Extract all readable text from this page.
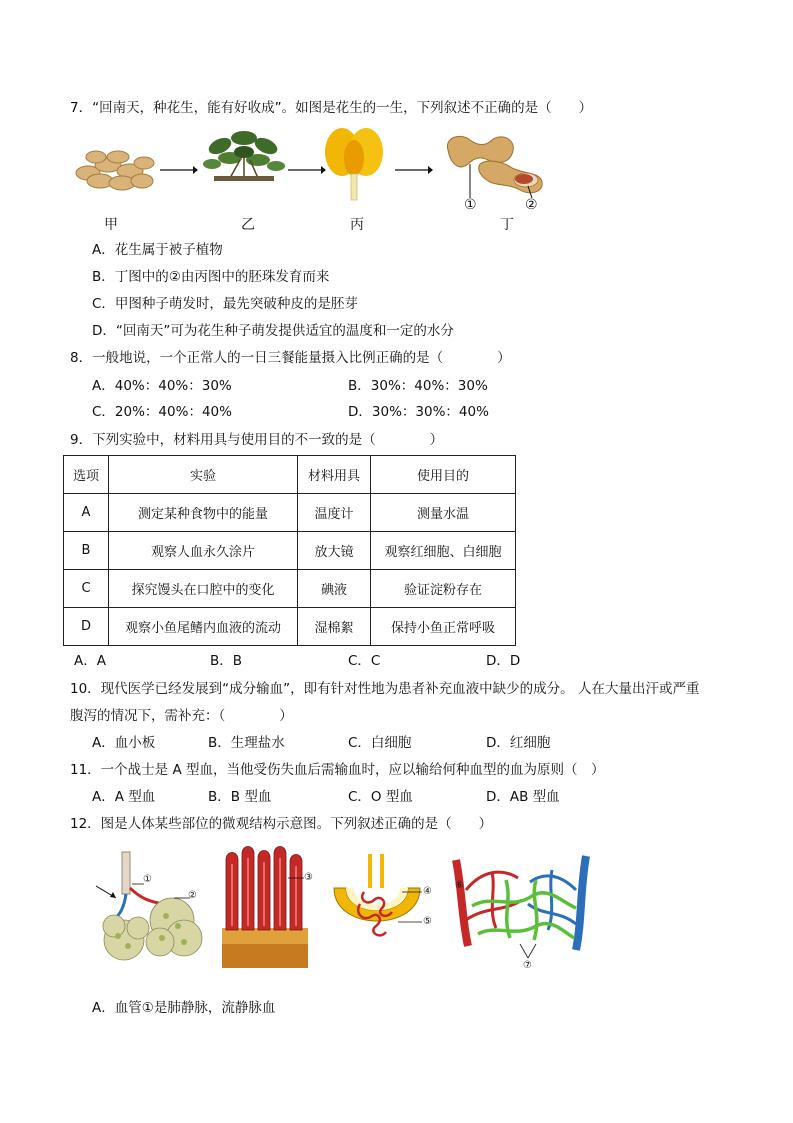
7．“回南天，种花生，能有好收成”。如图是花生的一生，下列叙述不正确的是（　　）
①	②
甲	乙	丙	丁
A．花生属于被子植物
B．丁图中的②由丙图中的胚珠发育而来
C．甲图种子萌发时，最先突破种皮的是胚芽
D．“回南天”可为花生种子萌发提供适宜的温度和一定的水分
8．一般地说，一个正常人的一日三餐能量摄入比例正确的是（　　　　）
A．40%：40%：30%	B．30%：40%：30%
C．20%：40%：40%	D．30%：30%：40%
9．下列实验中，材料用具与使用目的不一致的是（　　　　）
选项	实验	材料用具	使用目的
A	测定某种食物中的能量	温度计	测量水温
B	观察人血永久涂片	放大镜	观察红细胞、白细胞
C	探究馒头在口腔中的变化	碘液	验证淀粉存在
D	观察小鱼尾鳍内血液的流动	湿棉絮	保持小鱼正常呼吸
A．A	B．B	C．C	D．D
10．现代医学已经发展到“成分输血”，即有针对性地为患者补充血液中缺少的成分。 人在大量出汗或严重
腹泻的情况下，需补充：（　　　　）
A．血小板	B．生理盐水	C．白细胞	D．红细胞
11．一个战士是 A 型血，当他受伤失血后需输血时，应以输给何种血型的血为原则（　）
A．A 型血	B．B 型血	C．O 型血	D．AB 型血
12．图是人体某些部位的微观结构示意图。下列叙述正确的是（　　）
①
②
③
④
⑤
⑥
⑦
A．血管①是肺静脉，流静脉血
